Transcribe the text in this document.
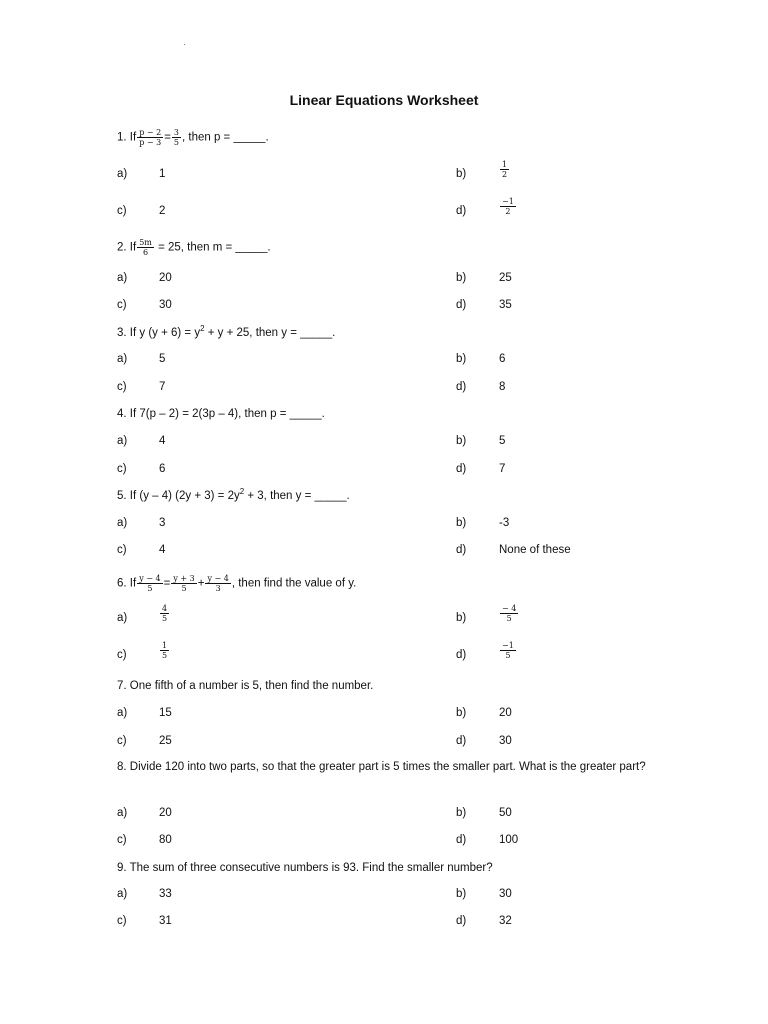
Linear Equations Worksheet
1. If $\frac{p - 2}{p - 3} = \frac{3}{5}$ , then p = _____.
a)	1	b)	$\frac{1}{2}$
c)	2	d)	$\frac{-1}{2}$
2. If $\frac{5m}{6} = 25$, then m = _____.
a)	20	b)	25
c)	30	d)	35
3. If y $(y + 6) = y^2 + y + 25$, then y = _____.
a)	5	b)	6
c)	7	d)	8
4. If 7(p – 2) = 2(3p – 4), then p = _____.
a)	4	b)	5
c)	6	d)	7
5. If (y – 4) $(2y + 3) = 2y^2 + 3$, then y = _____.
a)	3	b)	-3
c)	4	d)	None of these
6. If $\frac{y - 4}{5} = \frac{y + 3}{5} + \frac{y - 4}{3}$ , then find the value of y.
a)	$\frac{4}{5}$	b)	$\frac{- 4}{5}$
c)	$\frac{1}{5}$	d)	$\frac{-1}{5}$
7. One fifth of a number is 5, then find the number.
a)	15	b)	20
c)	25	d)	30
8. Divide 120 into two parts, so that the greater part is 5 times the smaller part. What is the greater part?
a)	20	b)	50
c)	80	d)	100
9. The sum of three consecutive numbers is 93. Find the smaller number?
a)	33	b)	30
c)	31	d)	32
